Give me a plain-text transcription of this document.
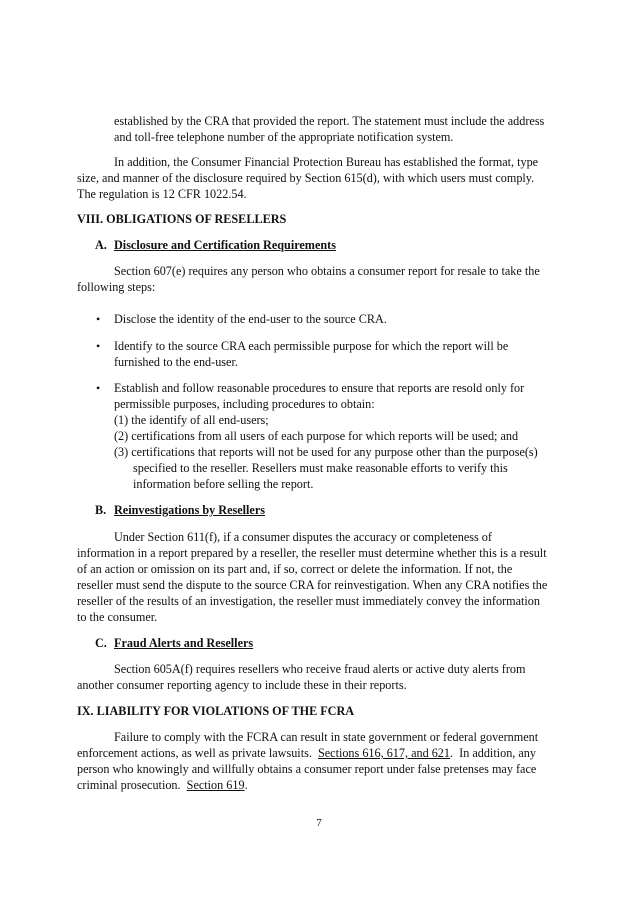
established by the CRA that provided the report. The statement must include the address

and toll-free telephone number of the appropriate notification system.

In addition, the Consumer Financial Protection Bureau has established the format, type

size, and manner of the disclosure required by Section 615(d), with which users must comply.

The regulation is 12 CFR 1022.54.

VIII. OBLIGATIONS OF RESELLERS

A. Disclosure and Certification Requirements

Section 607(e) requires any person who obtains a consumer report for resale to take the

following steps:

• Disclose the identity of the end-user to the source CRA.

• Identify to the source CRA each permissible purpose for which the report will be

furnished to the end-user.

• Establish and follow reasonable procedures to ensure that reports are resold only for

permissible purposes, including procedures to obtain:

(1) the identify of all end-users;

(2) certifications from all users of each purpose for which reports will be used; and

(3) certifications that reports will not be used for any purpose other than the purpose(s)

specified to the reseller. Resellers must make reasonable efforts to verify this

information before selling the report.

B. Reinvestigations by Resellers

Under Section 611(f), if a consumer disputes the accuracy or completeness of

information in a report prepared by a reseller, the reseller must determine whether this is a result

of an action or omission on its part and, if so, correct or delete the information. If not, the

reseller must send the dispute to the source CRA for reinvestigation. When any CRA notifies the

reseller of the results of an investigation, the reseller must immediately convey the information

to the consumer.

C. Fraud Alerts and Resellers

Section 605A(f) requires resellers who receive fraud alerts or active duty alerts from

another consumer reporting agency to include these in their reports.

IX. LIABILITY FOR VIOLATIONS OF THE FCRA

Failure to comply with the FCRA can result in state government or federal government

enforcement actions, as well as private lawsuits.  Sections 616, 617, and 621.  In addition, any

person who knowingly and willfully obtains a consumer report under false pretenses may face

criminal prosecution.  Section 619.

7
